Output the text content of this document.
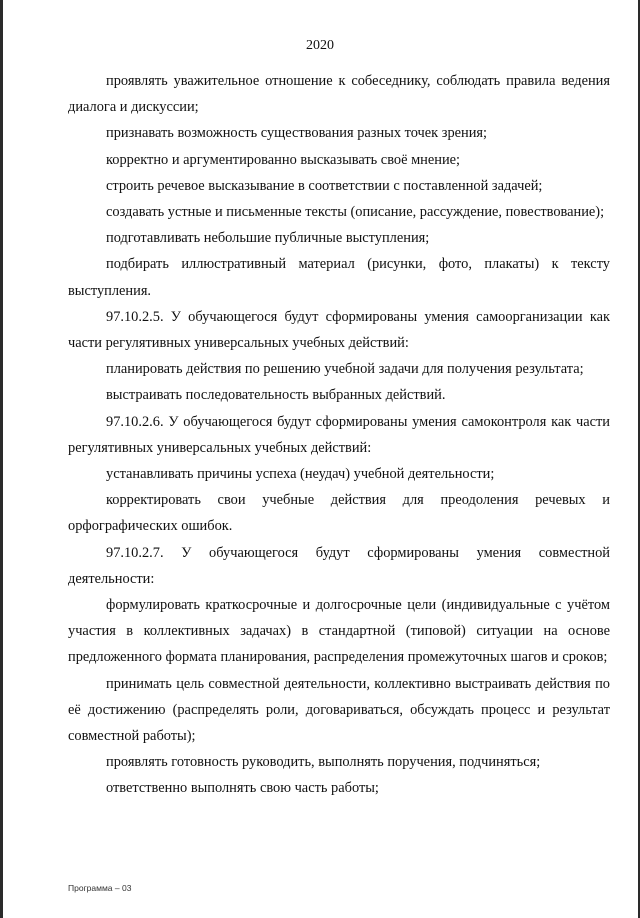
2020

проявлять уважительное отношение к собеседнику, соблюдать правила ведения диалога и дискуссии;

признавать возможность существования разных точек зрения;

корректно и аргументированно высказывать своё мнение;

строить речевое высказывание в соответствии с поставленной задачей;

создавать устные и письменные тексты (описание, рассуждение, повествование);

подготавливать небольшие публичные выступления;

подбирать иллюстративный материал (рисунки, фото, плакаты) к тексту выступления.

97.10.2.5. У обучающегося будут сформированы умения самоорганизации как части регулятивных универсальных учебных действий:

планировать действия по решению учебной задачи для получения результата;

выстраивать последовательность выбранных действий.

97.10.2.6. У обучающегося будут сформированы умения самоконтроля как части регулятивных универсальных учебных действий:

устанавливать причины успеха (неудач) учебной деятельности;

корректировать свои учебные действия для преодоления речевых и орфографических ошибок.

97.10.2.7. У обучающегося будут сформированы умения совместной деятельности:

формулировать краткосрочные и долгосрочные цели (индивидуальные с учётом участия в коллективных задачах) в стандартной (типовой) ситуации на основе предложенного формата планирования, распределения промежуточных шагов и сроков;

принимать цель совместной деятельности, коллективно выстраивать действия по её достижению (распределять роли, договариваться, обсуждать процесс и результат совместной работы);

проявлять готовность руководить, выполнять поручения, подчиняться;

ответственно выполнять свою часть работы;

Программа – 03
